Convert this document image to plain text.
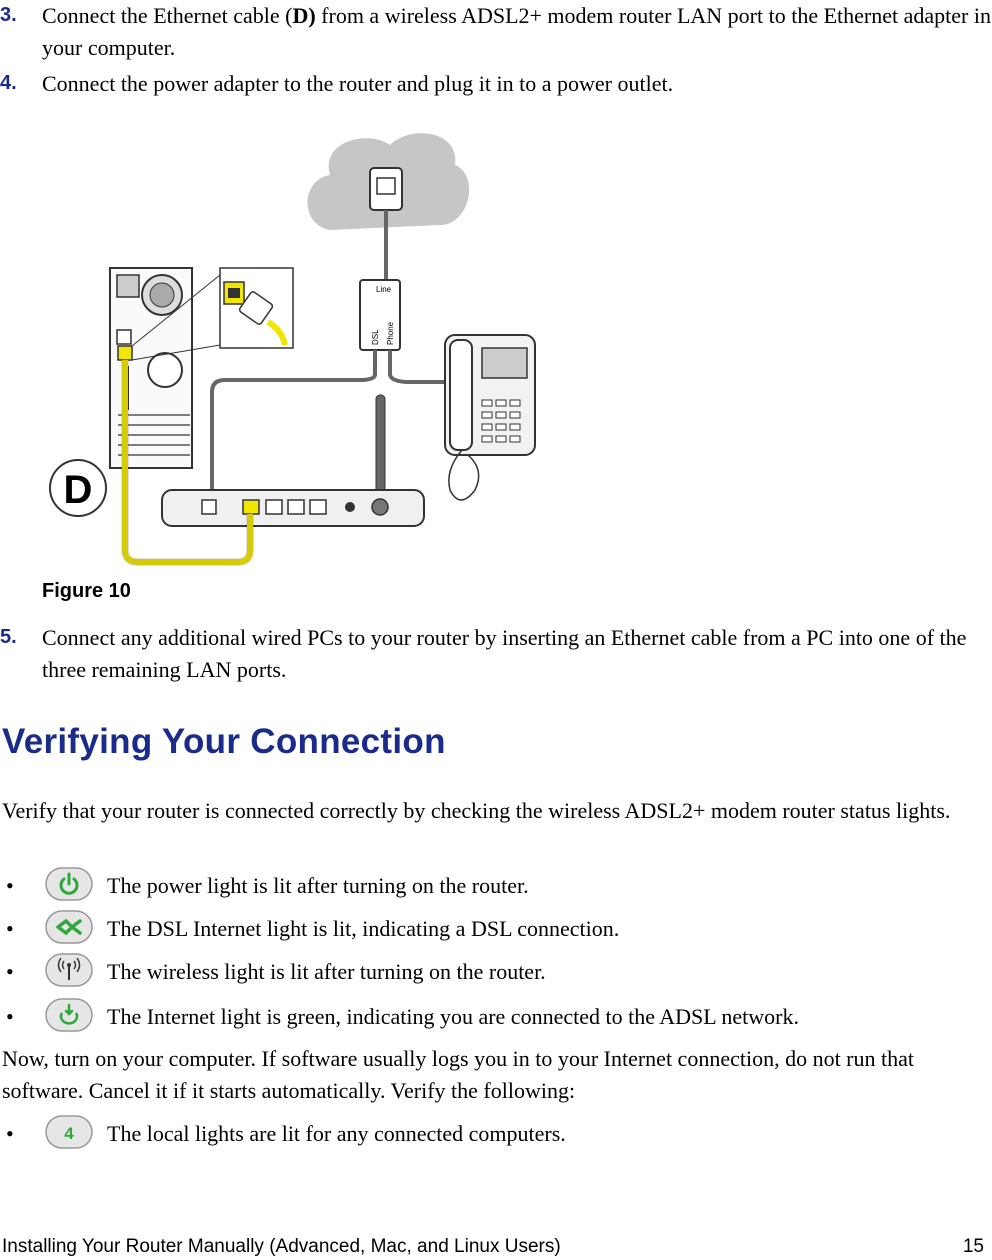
3. Connect the Ethernet cable (D) from a wireless ADSL2+ modem router LAN port to the Ethernet adapter in your computer.
4. Connect the power adapter to the router and plug it in to a power outlet.
Line
DSL Phone
D
Figure 10
5. Connect any additional wired PCs to your router by inserting an Ethernet cable from a PC into one of the three remaining LAN ports.
Verifying Your Connection
Verify that your router is connected correctly by checking the wireless ADSL2+ modem router status lights.
•	The power light is lit after turning on the router.
•	The DSL Internet light is lit, indicating a DSL connection.
•	The wireless light is lit after turning on the router.
•	The Internet light is green, indicating you are connected to the ADSL network.
Now, turn on your computer. If software usually logs you in to your Internet connection, do not run that software. Cancel it if it starts automatically. Verify the following:
•	4 The local lights are lit for any connected computers.
Installing Your Router Manually (Advanced, Mac, and Linux Users)	15
